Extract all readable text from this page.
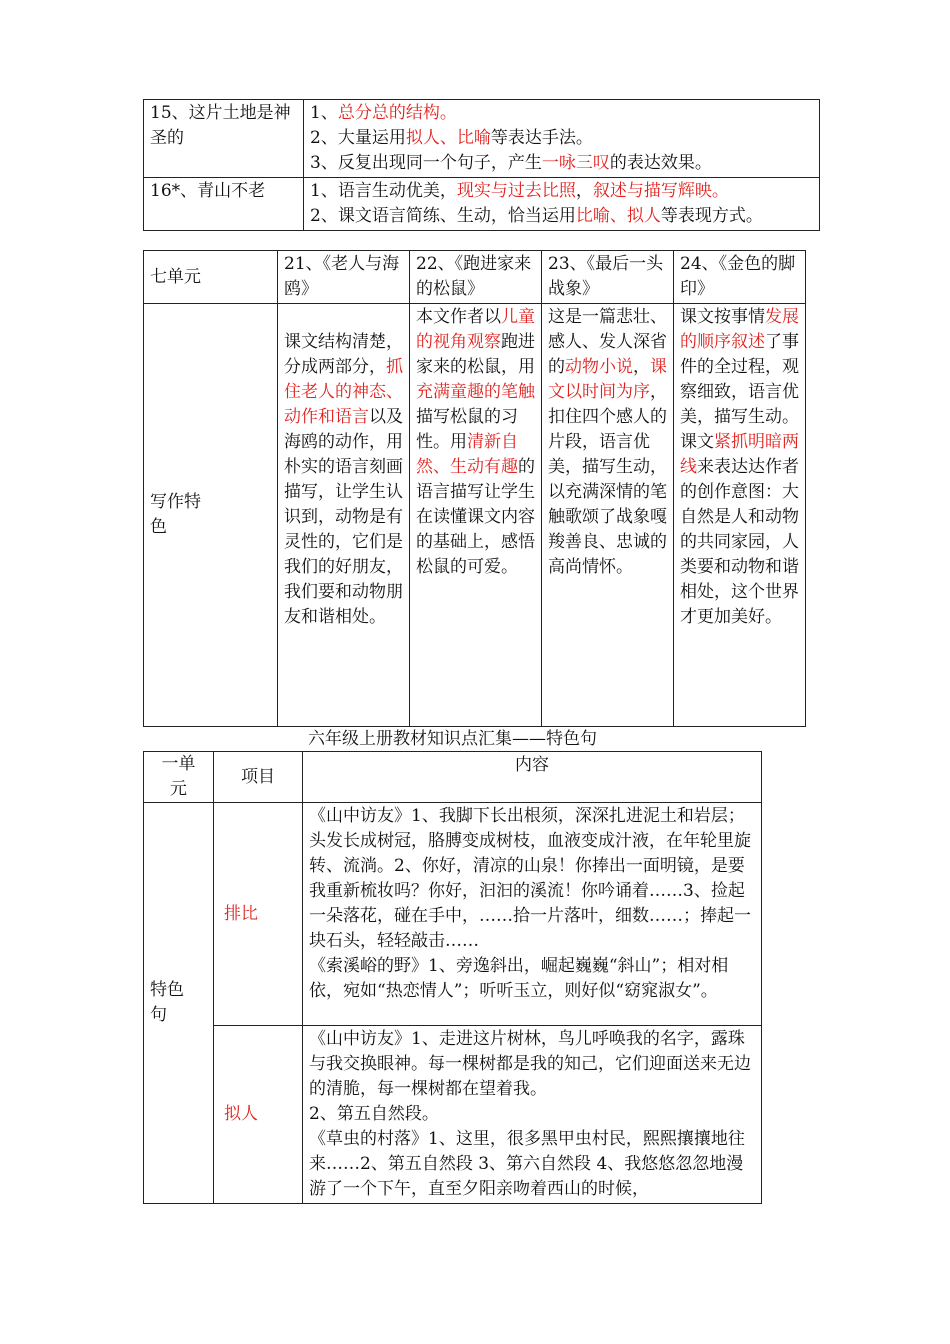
15、这片土地是神圣的	1、总分总的结构。
2、大量运用拟人、比喻等表达手法。
3、反复出现同一个句子，产生一咏三叹的表达效果。

16*、青山不老	1、语言生动优美，现实与过去比照，叙述与描写辉映。
2、课文语言简练、生动，恰当运用比喻、拟人等表现方式。
七单元	21、《老人与海鸥》	22、《跑进家来的松鼠》	23、《最后一头战象》	24、《金色的脚印》
写作特色	课文结构清楚，分成两部分，抓住老人的神态、动作和语言以及海鸥的动作，用朴实的语言刻画描写，让学生认识到，动物是有灵性的，它们是我们的好朋友，我们要和动物朋友和谐相处。	本文作者以儿童的视角观察跑进家来的松鼠，用充满童趣的笔触描写松鼠的习性。用清新自然、生动有趣的语言描写让学生在读懂课文内容的基础上，感悟松鼠的可爱。	这是一篇悲壮、感人、发人深省的动物小说，课文以时间为序，扣住四个感人的片段，语言优美，描写生动，以充满深情的笔触歌颂了战象嘎羧善良、忠诚的高尚情怀。	课文按事情发展的顺序叙述了事件的全过程，观察细致，语言优美，描写生动。课文紧抓明暗两线来表达达作者的创作意图：大自然是人和动物的共同家园，人类要和动物和谐相处，这个世界才更加美好。
六年级上册教材知识点汇集——特色句
一单元	项目	内容
特色句	排比	《山中访友》1、我脚下长出根须，深深扎进泥土和岩层；头发长成树冠，胳膊变成树枝，血液变成汁液，在年轮里旋转、流淌。2、你好，清凉的山泉！你捧出一面明镜，是要我重新梳妆吗？你好，汩汩的溪流！你吟诵着……3、捡起一朵落花，碰在手中，……拾一片落叶，细数……；捧起一块石头，轻轻敲击……
《索溪峪的野》1、旁逸斜出，崛起巍巍“斜山”；相对相依，宛如“热恋情人”；听听玉立，则好似“窈窕淑女”。

	拟人	《山中访友》1、走进这片树林，鸟儿呼唤我的名字，露珠与我交换眼神。每一棵树都是我的知己，它们迎面送来无边的清脆，每一棵树都在望着我。
2、第五自然段。
《草虫的村落》1、这里，很多黑甲虫村民，熙熙攘攘地往来……2、第五自然段 3、第六自然段 4、我悠悠忽忽地漫游了一个下午，直至夕阳亲吻着西山的时候，
